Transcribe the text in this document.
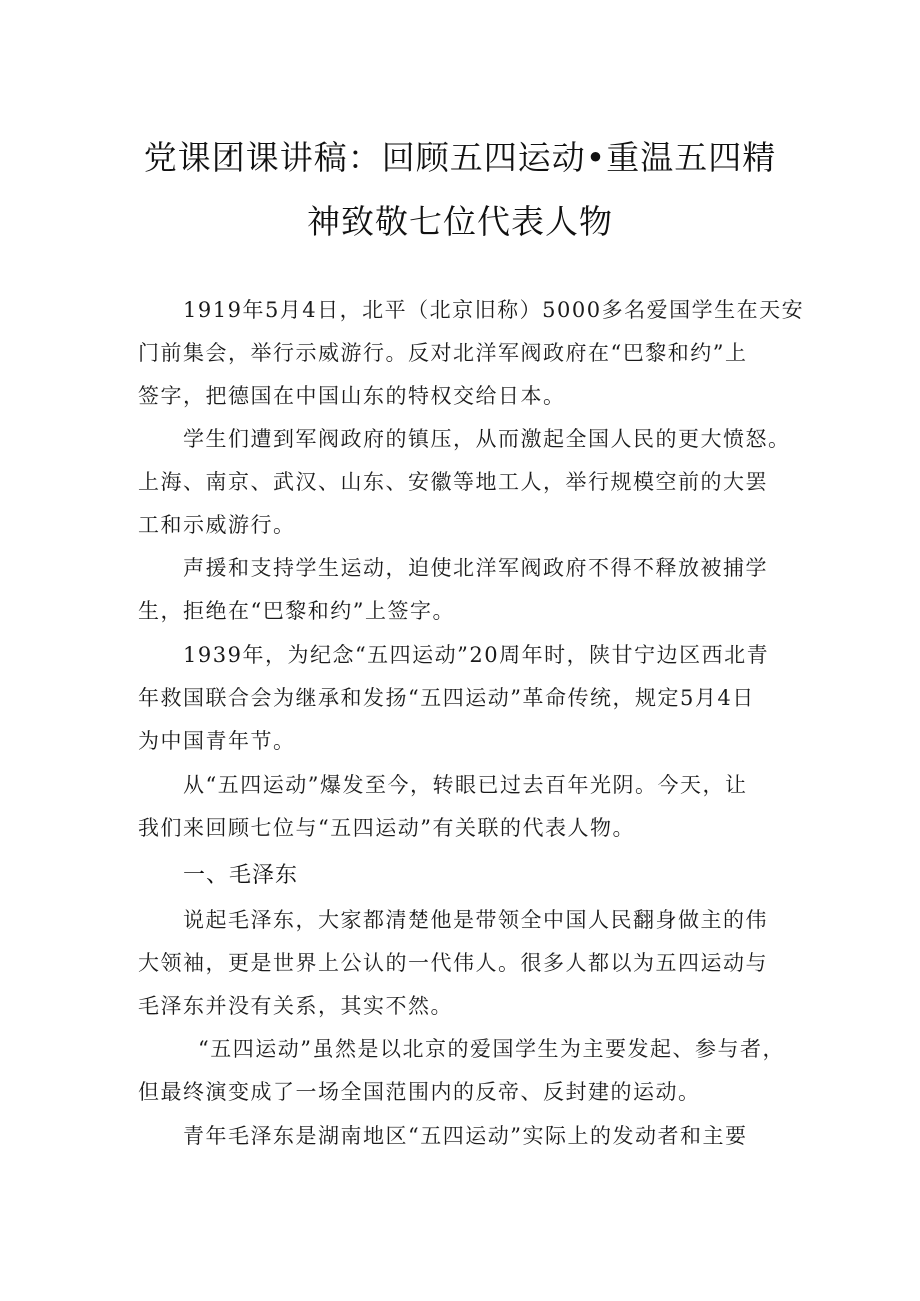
党课团课讲稿：回顾五四运动•重温五四精
神致敬七位代表人物
1919年5月4日，北平（北京旧称）5000多名爱国学生在天安
门前集会，举行示威游行。反对北洋军阀政府在“巴黎和约”上
签字，把德国在中国山东的特权交给日本。
学生们遭到军阀政府的镇压，从而激起全国人民的更大愤怒。
上海、南京、武汉、山东、安徽等地工人，举行规模空前的大罢
工和示威游行。
声援和支持学生运动，迫使北洋军阀政府不得不释放被捕学
生，拒绝在“巴黎和约”上签字。
1939年，为纪念“五四运动”20周年时，陕甘宁边区西北青
年救国联合会为继承和发扬“五四运动”革命传统，规定5月4日
为中国青年节。
从“五四运动”爆发至今，转眼已过去百年光阴。今天，让
我们来回顾七位与“五四运动”有关联的代表人物。
一、毛泽东
说起毛泽东，大家都清楚他是带领全中国人民翻身做主的伟
大领袖，更是世界上公认的一代伟人。很多人都以为五四运动与
毛泽东并没有关系，其实不然。
“五四运动”虽然是以北京的爱国学生为主要发起、参与者，
但最终演变成了一场全国范围内的反帝、反封建的运动。
青年毛泽东是湖南地区“五四运动”实际上的发动者和主要
